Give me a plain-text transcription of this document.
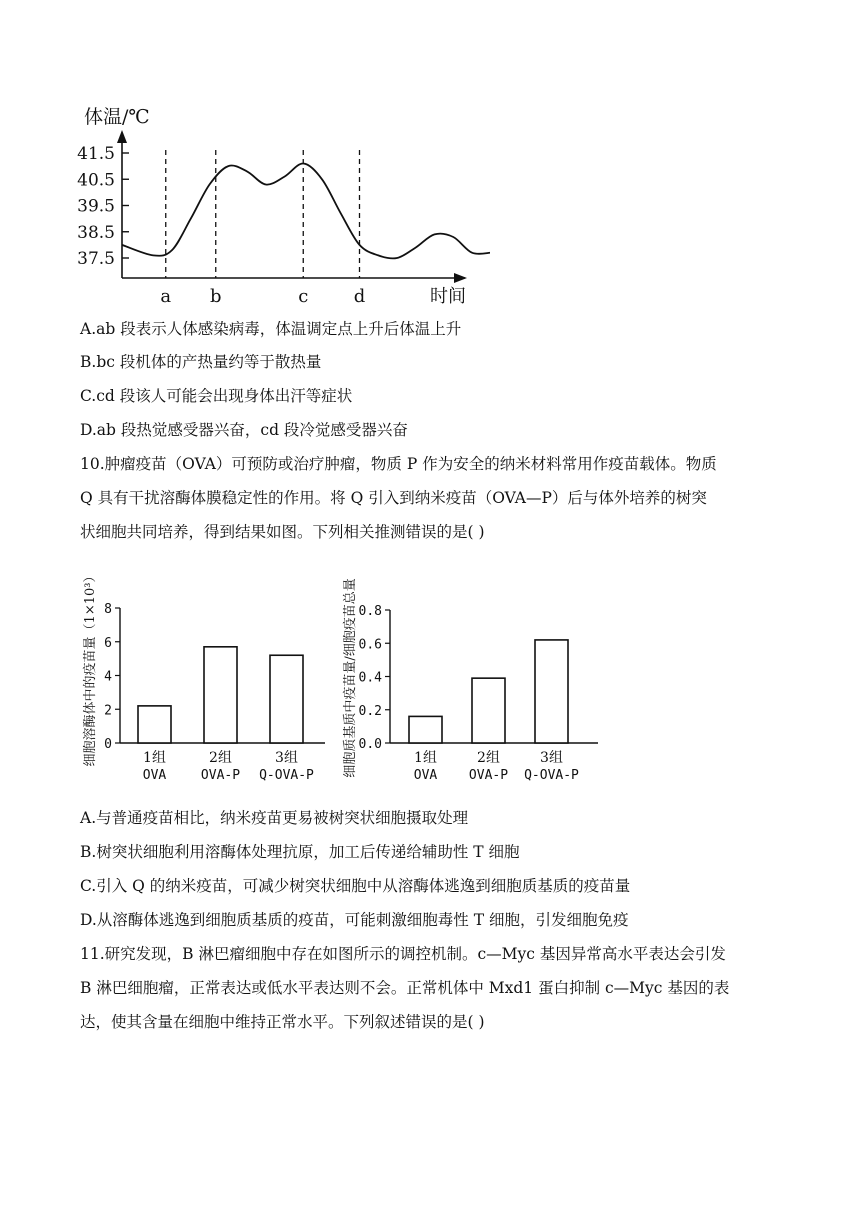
体温/℃
时间
37.5
38.5
39.5
40.5
41.5
a b	c	d
A.ab 段表示人体感染病毒，体温调定点上升后体温上升
B.bc 段机体的产热量约等于散热量
C.cd 段该人可能会出现身体出汗等症状
D.ab 段热觉感受器兴奋，cd 段冷觉感受器兴奋
10.肿瘤疫苗（OVA）可预防或治疗肿瘤，物质 P 作为安全的纳米材料常用作疫苗载体。物质
Q 具有干扰溶酶体膜稳定性的作用。将 Q 引入到纳米疫苗（OVA—P）后与体外培养的树突
状细胞共同培养，得到结果如图。下列相关推测错误的是( )
0
2
4
6
8
1组
OVA
2组
OVA-P
3组
Q-OVA-P
细胞溶酶体中的疫苗量（1×10³）	0.0
0.2
0.4
0.6
0.8
1组
OVA
2组
OVA-P
3组
Q-OVA-P
细胞质基质中疫苗量/细胞疫苗总量
A.与普通疫苗相比，纳米疫苗更易被树突状细胞摄取处理
B.树突状细胞利用溶酶体处理抗原，加工后传递给辅助性 T 细胞
C.引入 Q 的纳米疫苗，可减少树突状细胞中从溶酶体逃逸到细胞质基质的疫苗量
D.从溶酶体逃逸到细胞质基质的疫苗，可能刺激细胞毒性 T 细胞，引发细胞免疫
11.研究发现，B 淋巴瘤细胞中存在如图所示的调控机制。c—Myc 基因异常高水平表达会引发
B 淋巴细胞瘤，正常表达或低水平表达则不会。正常机体中 Mxd1 蛋白抑制 c—Myc 基因的表
达，使其含量在细胞中维持正常水平。下列叙述错误的是( )
